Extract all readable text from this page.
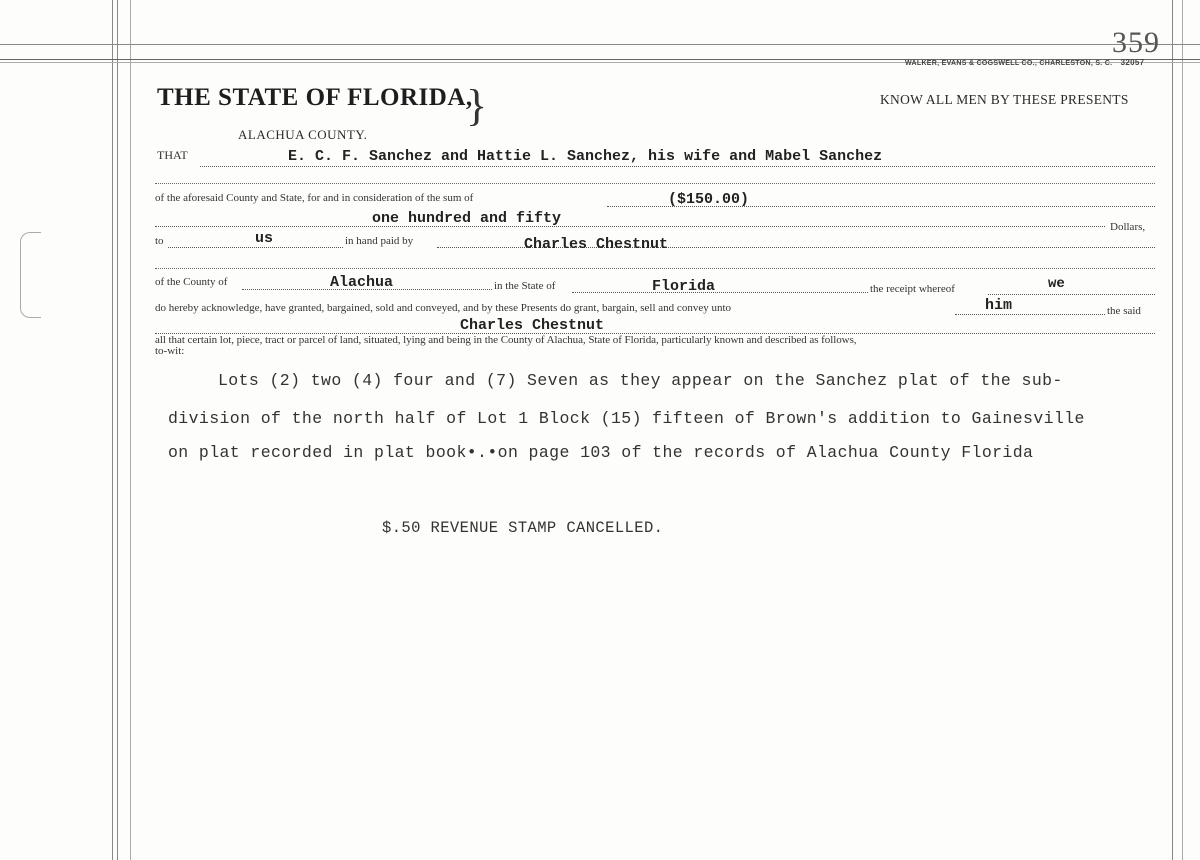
359
WALKER, EVANS & COGSWELL CO., CHARLESTON, S. C. 32057
THE STATE OF FLORIDA,
}
ALACHUA COUNTY.
KNOW ALL MEN BY THESE PRESENTS
THAT	E. C. F. Sanchez and Hattie L. Sanchez, his wife and Mabel Sanchez
of the aforesaid County and State, for and in consideration of the sum of	($150.00)
one hundred and fifty	Dollars,
to	us	in hand paid by	Charles Chestnut
of the County of	Alachua	in the State of	Florida	the receipt whereof	we
do hereby acknowledge, have granted, bargained, sold and conveyed, and by these Presents do grant, bargain, sell and convey unto	him	the said
Charles Chestnut
all that certain lot, piece, tract or parcel of land, situated, lying and being in the County of Alachua, State of Florida, particularly known and described as follows,
to-wit:
Lots (2) two (4) four and (7) Seven as they appear on the Sanchez plat of the sub-
division of the north half of Lot 1 Block (15) fifteen of Brown's addition to Gainesville
on plat recorded in plat book•.•on page 103 of the records of Alachua County Florida
$.50 REVENUE STAMP CANCELLED.
